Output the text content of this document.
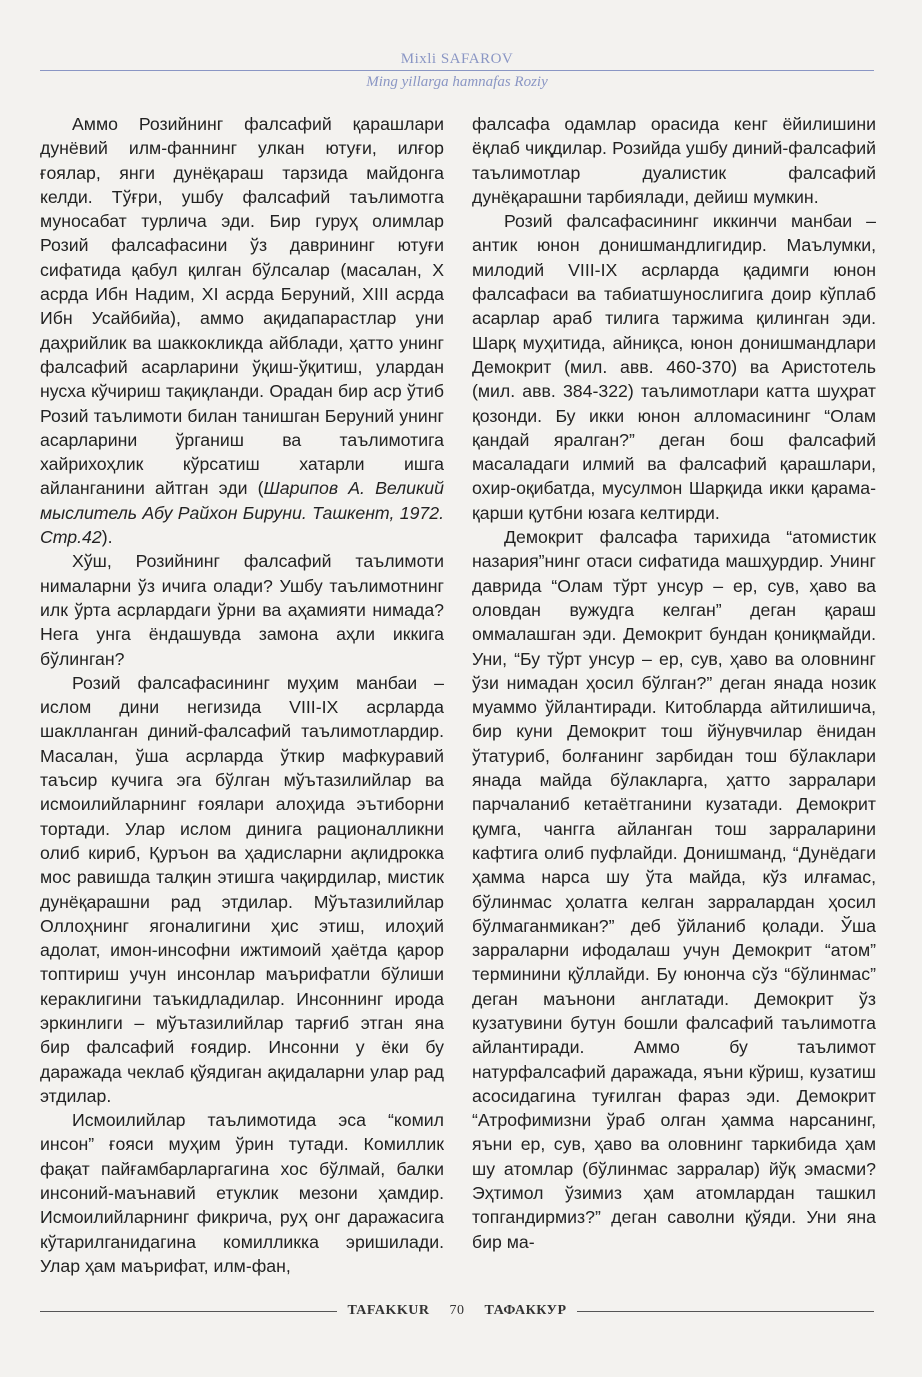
Mixli SAFAROV
Ming yillarga hamnafas Roziy

Аммо Розийнинг фалсафий қарашлари дунёвий илм-фаннинг улкан ютуғи, илғор ғоялар, янги дунёқараш тарзида майдонга келди. Тўғри, ушбу фалсафий таълимотга муносабат турлича эди. Бир гуруҳ олимлар Розий фалсафасини ўз даврининг ютуғи сифатида қабул қилган бўлсалар (масалан, X асрда Ибн Надим, XI асрда Беруний, XIII асрда Ибн Усайбийа), аммо ақидапарастлар уни даҳрийлик ва шаккокликда айблади, ҳатто унинг фалсафий асарларини ўқиш-ўқитиш, улардан нусха кўчириш тақиқланди. Орадан бир аср ўтиб Розий таълимоти билан танишган Беруний унинг асарларини ўрганиш ва таълимотига хайрихоҳлик кўрсатиш хатарли ишга айланганини айтган эди (Шарипов А. Великий мыслитель Абу Райхон Бируни. Ташкент, 1972. Стр.42).

Хўш, Розийнинг фалсафий таълимоти нималарни ўз ичига олади? Ушбу таълимотнинг илк ўрта асрлардаги ўрни ва аҳамияти нимада? Нега унга ёндашувда замона аҳли иккига бўлинган?

Розий фалсафасининг муҳим манбаи – ислом дини негизида VIII-IX асрларда шаклланган диний-фалсафий таълимотлардир. Масалан, ўша асрларда ўткир мафкуравий таъсир кучига эга бўлган мўътазилийлар ва исмоилийларнинг ғоялари алоҳида эътиборни тортади. Улар ислом динига рационалликни олиб кириб, Қуръон ва ҳадисларни ақлидрокка мос равишда талқин этишга чақирдилар, мистик дунёқарашни рад этдилар. Мўътазилийлар Оллоҳнинг ягоналигини ҳис этиш, илоҳий адолат, имон-инсофни ижтимоий ҳаётда қарор топтириш учун инсонлар маърифатли бўлиши кераклигини таъкидладилар. Инсоннинг ирода эркинлиги – мўътазилийлар тарғиб этган яна бир фалсафий ғоядир. Инсонни у ёки бу даражада чеклаб қўядиган ақидаларни улар рад этдилар.

Исмоилийлар таълимотида эса “комил инсон” ғояси муҳим ўрин тутади. Комиллик фақат пайғамбарларгагина хос бўлмай, балки инсоний-маънавий етуклик мезони ҳамдир. Исмоилийларнинг фикрича, руҳ онг даражасига кўтарилганидагина комилликка эришилади. Улар ҳам маърифат, илм-фан,

фалсафа одамлар орасида кенг ёйилишини ёқлаб чиқдилар. Розийда ушбу диний-фалсафий таълимотлар дуалистик фалсафий дунёқарашни тарбиялади, дейиш мумкин.

Розий фалсафасининг иккинчи манбаи – антик юнон донишмандлигидир. Маълумки, милодий VIII-IX асрларда қадимги юнон фалсафаси ва табиатшунослигига доир кўплаб асарлар араб тилига таржима қилинган эди. Шарқ муҳитида, айниқса, юнон донишмандлари Демокрит (мил. авв. 460-370) ва Аристотель (мил. авв. 384-322) таълимотлари катта шуҳрат қозонди. Бу икки юнон алломасининг “Олам қандай яралган?” деган бош фалсафий масаладаги илмий ва фалсафий қарашлари, охир-оқибатда, мусулмон Шарқида икки қарама-қарши қутбни юзага келтирди.

Демокрит фалсафа тарихида “атомистик назария”нинг отаси сифатида машҳурдир. Унинг даврида “Олам тўрт унсур – ер, сув, ҳаво ва оловдан вужудга келган” деган қараш оммалашган эди. Демокрит бундан қониқмайди. Уни, “Бу тўрт унсур – ер, сув, ҳаво ва оловнинг ўзи нимадан ҳосил бўлган?” деган янада нозик муаммо ўйлантиради. Китобларда айтилишича, бир куни Демокрит тош йўнувчилар ёнидан ўтатуриб, болғанинг зарбидан тош бўлаклари янада майда бўлакларга, ҳатто зарралари парчаланиб кетаётганини кузатади. Демокрит қумга, чангга айланган тош зарраларини кафтига олиб пуфлайди. Донишманд, “Дунёдаги ҳамма нарса шу ўта майда, кўз илғамас, бўлинмас ҳолатга келган зарралардан ҳосил бўлмаганмикан?” деб ўйланиб қолади. Ўша зарраларни ифодалаш учун Демокрит “атом” терминини қўллайди. Бу юнонча сўз “бўлинмас” деган маънони англатади. Демокрит ўз кузатувини бутун бошли фалсафий таълимотга айлантиради. Аммо бу таълимот натурфалсафий даражада, яъни кўриш, кузатиш асосидагина туғилган фараз эди. Демокрит “Атрофимизни ўраб олган ҳамма нарсанинг, яъни ер, сув, ҳаво ва оловнинг таркибида ҳам шу атомлар (бўлинмас зарралар) йўқ эмасми? Эҳтимол ўзимиз ҳам атомлардан ташкил топгандирмиз?” деган саволни қўяди. Уни яна бир ма-

TAFAKKUR	70	ТАФАККУР
